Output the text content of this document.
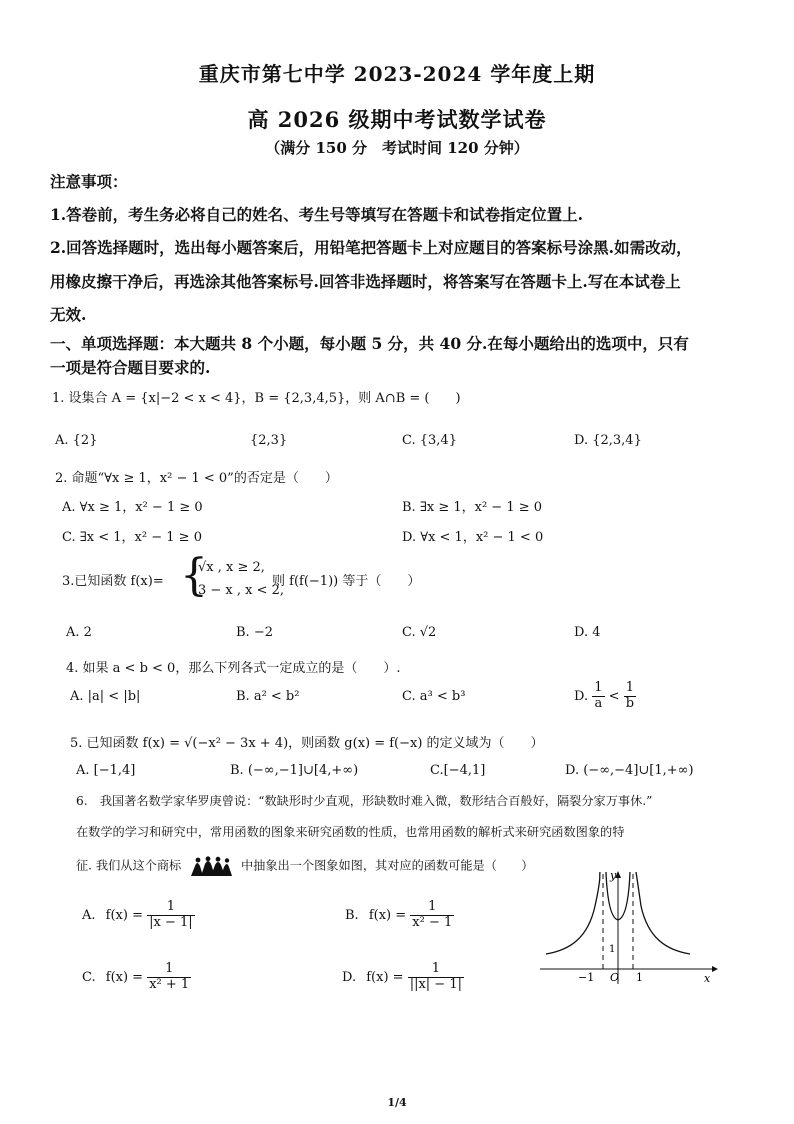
重庆市第七中学 2023-2024 学年度上期
高 2026 级期中考试数学试卷
（满分 150 分　考试时间 120 分钟）
注意事项：
1.答卷前，考生务必将自己的姓名、考生号等填写在答题卡和试卷指定位置上.
2.回答选择题时，选出每小题答案后，用铅笔把答题卡上对应题目的答案标号涂黑.如需改动，
用橡皮擦干净后，再选涂其他答案标号.回答非选择题时，将答案写在答题卡上.写在本试卷上
无效.
一、单项选择题：本大题共 8 个小题，每小题 5 分，共 40 分.在每小题给出的选项中，只有
一项是符合题目要求的.
1. 设集合 A = {x|−2 < x < 4}，B = {2,3,4,5}，则 A∩B = (　　)
A. {2}	{2,3}	C. {3,4}	D. {2,3,4}
2. 命题“∀x ≥ 1，x² − 1 < 0”的否定是（　　）
A. ∀x ≥ 1，x² − 1 ≥ 0	B. ∃x ≥ 1，x² − 1 ≥ 0
C. ∃x < 1，x² − 1 ≥ 0	D. ∀x < 1，x² − 1 < 0
3.已知函数 f(x)= {
√x , x ≥ 2,
3 − x , x < 2,
则 f(f(−1)) 等于（　　）
A. 2	B. −2	C. √2	D. 4
4. 如果 a < b < 0，那么下列各式一定成立的是（　　）.
A. |a| < |b|	B. a² < b²	C. a³ < b³	D. $\frac{1}{a} < \frac{1}{b}$
5. 已知函数 f(x) = √(−x² − 3x + 4)，则函数 g(x) = f(−x) 的定义域为（　　）
A. [−1,4]	B. (−∞,−1]∪[4,+∞)	C.[−4,1]	D. (−∞,−4]∪[1,+∞)
6.　我国著名数学家华罗庚曾说：“数缺形时少直观，形缺数时难入微，数形结合百般好，隔裂分家万事休.”
在数学的学习和研究中，常用函数的图象来研究函数的性质，也常用函数的解析式来研究函数图象的特
征. 我们从这个商标	中抽象出一个图象如图，其对应的函数可能是（　　）
A. $f(x) = \frac{1}{|x - 1|}$	B. $f(x) = \frac{1}{\text{x² − 1}}$
C. $f(x) = \frac{1}{\text{x² + 1}}$	D. $f(x) = \frac{1}{||x| - 1|}$
y
x
O
−1	1
1
1/4
